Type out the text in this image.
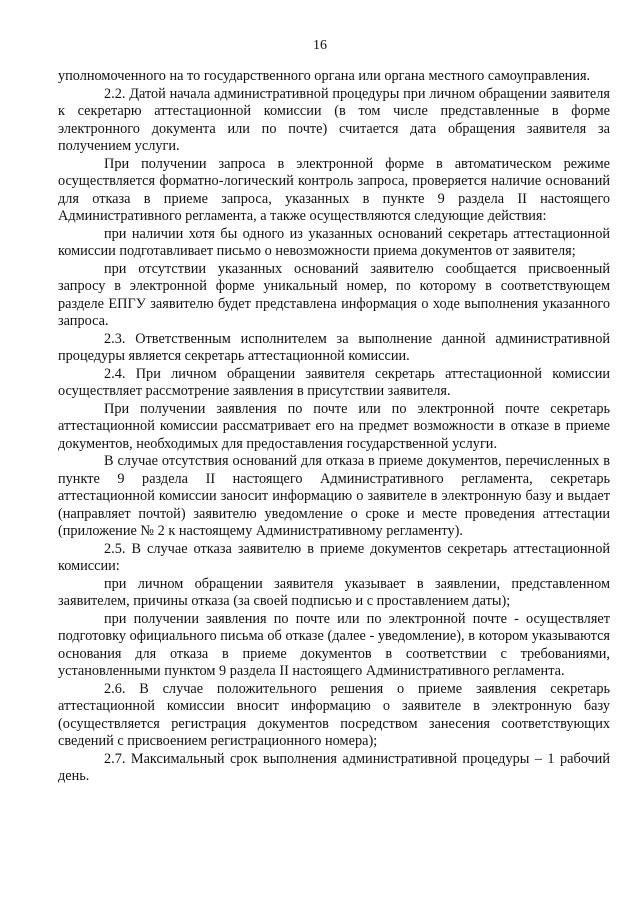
16

уполномоченного на то государственного органа или органа местного самоуправления.

2.2. Датой начала административной процедуры при личном обращении заявителя к секретарю аттестационной комиссии (в том числе представленные в форме электронного документа или по почте) считается дата обращения заявителя за получением услуги.

При получении запроса в электронной форме в автоматическом режиме осуществляется форматно-логический контроль запроса, проверяется наличие оснований для отказа в приеме запроса, указанных в пункте 9 раздела II настоящего Административного регламента, а также осуществляются следующие действия:

при наличии хотя бы одного из указанных оснований секретарь аттестационной комиссии подготавливает письмо о невозможности приема документов от заявителя;

при отсутствии указанных оснований заявителю сообщается присвоенный запросу в электронной форме уникальный номер, по которому в соответствующем разделе ЕПГУ заявителю будет представлена информация о ходе выполнения указанного запроса.

2.3. Ответственным исполнителем за выполнение данной административной процедуры является секретарь аттестационной комиссии.

2.4. При личном обращении заявителя секретарь аттестационной комиссии осуществляет рассмотрение заявления в присутствии заявителя.

При получении заявления по почте или по электронной почте секретарь аттестационной комиссии рассматривает его на предмет возможности в отказе в приеме документов, необходимых для предоставления государственной услуги.

В случае отсутствия оснований для отказа в приеме документов, перечисленных в пункте 9 раздела II настоящего Административного регламента, секретарь аттестационной комиссии заносит информацию о заявителе в электронную базу и выдает (направляет почтой) заявителю уведомление о сроке и месте проведения аттестации (приложение № 2 к настоящему Административному регламенту).

2.5. В случае отказа заявителю в приеме документов секретарь аттестационной комиссии:

при личном обращении заявителя указывает в заявлении, представленном заявителем, причины отказа (за своей подписью и с проставлением даты);

при получении заявления по почте или по электронной почте - осуществляет подготовку официального письма об отказе (далее - уведомление), в котором указываются основания для отказа в приеме документов в соответствии с требованиями, установленными пунктом 9 раздела II настоящего Административного регламента.

2.6. В случае положительного решения о приеме заявления секретарь аттестационной комиссии вносит информацию о заявителе в электронную базу (осуществляется регистрация документов посредством занесения соответствующих сведений с присвоением регистрационного номера);

2.7. Максимальный срок выполнения административной процедуры – 1 рабочий день.
